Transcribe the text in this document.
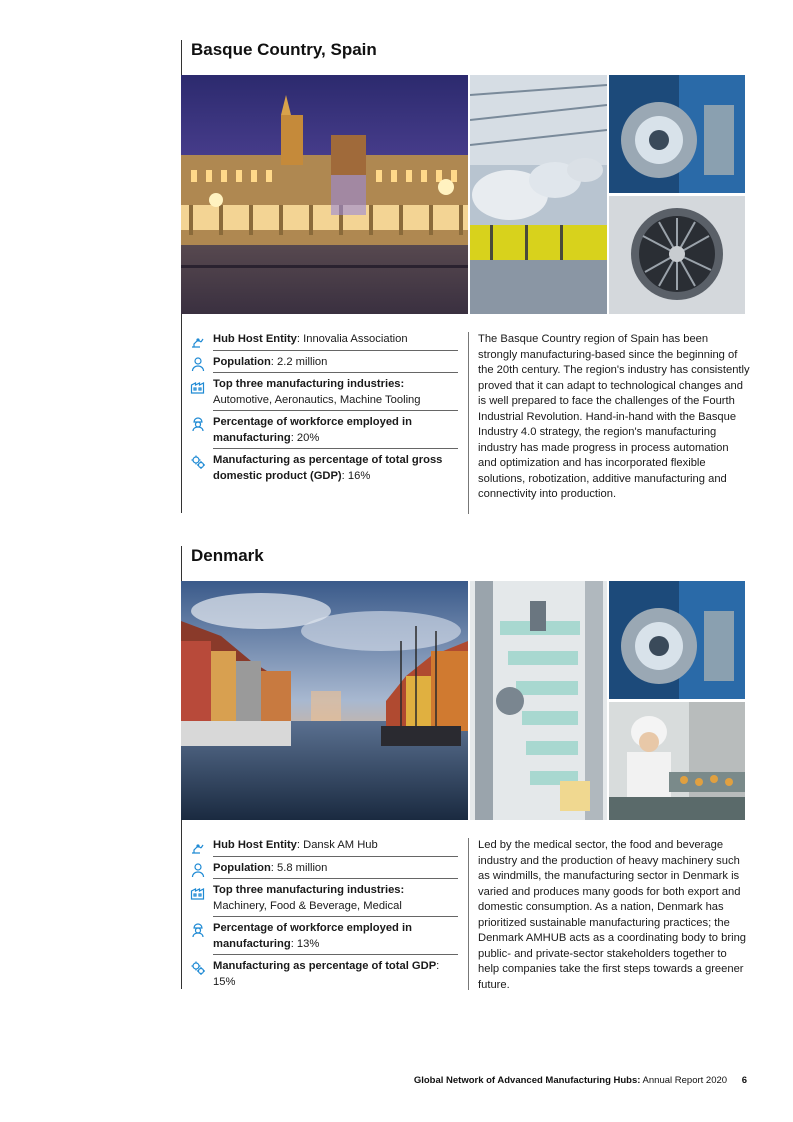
Basque Country, Spain
Hub Host Entity: Innovalia Association
Population: 2.2 million
Top three manufacturing industries:
Automotive, Aeronautics, Machine Tooling
Percentage of workforce employed in manufacturing: 20%
Manufacturing as percentage of total gross domestic product (GDP): 16%

The Basque Country region of Spain has been strongly manufacturing-based since the beginning of the 20th century. The region's industry has consistently proved that it can adapt to technological changes and is well prepared to face the challenges of the Fourth Industrial Revolution. Hand-in-hand with the Basque Industry 4.0 strategy, the region's manufacturing industry has made progress in process automation and optimization and has incorporated flexible solutions, robotization, additive manufacturing and connectivity into production.

Denmark
Hub Host Entity: Dansk AM Hub
Population: 5.8 million
Top three manufacturing industries:
Machinery, Food & Beverage, Medical
Percentage of workforce employed in manufacturing: 13%
Manufacturing as percentage of total GDP: 15%

Led by the medical sector, the food and beverage industry and the production of heavy machinery such as windmills, the manufacturing sector in Denmark is varied and produces many goods for both export and domestic consumption. As a nation, Denmark has prioritized sustainable manufacturing practices; the Denmark AMHUB acts as a coordinating body to bring public- and private-sector stakeholders together to help companies take the first steps towards a greener future.

Global Network of Advanced Manufacturing Hubs: Annual Report 2020 6
